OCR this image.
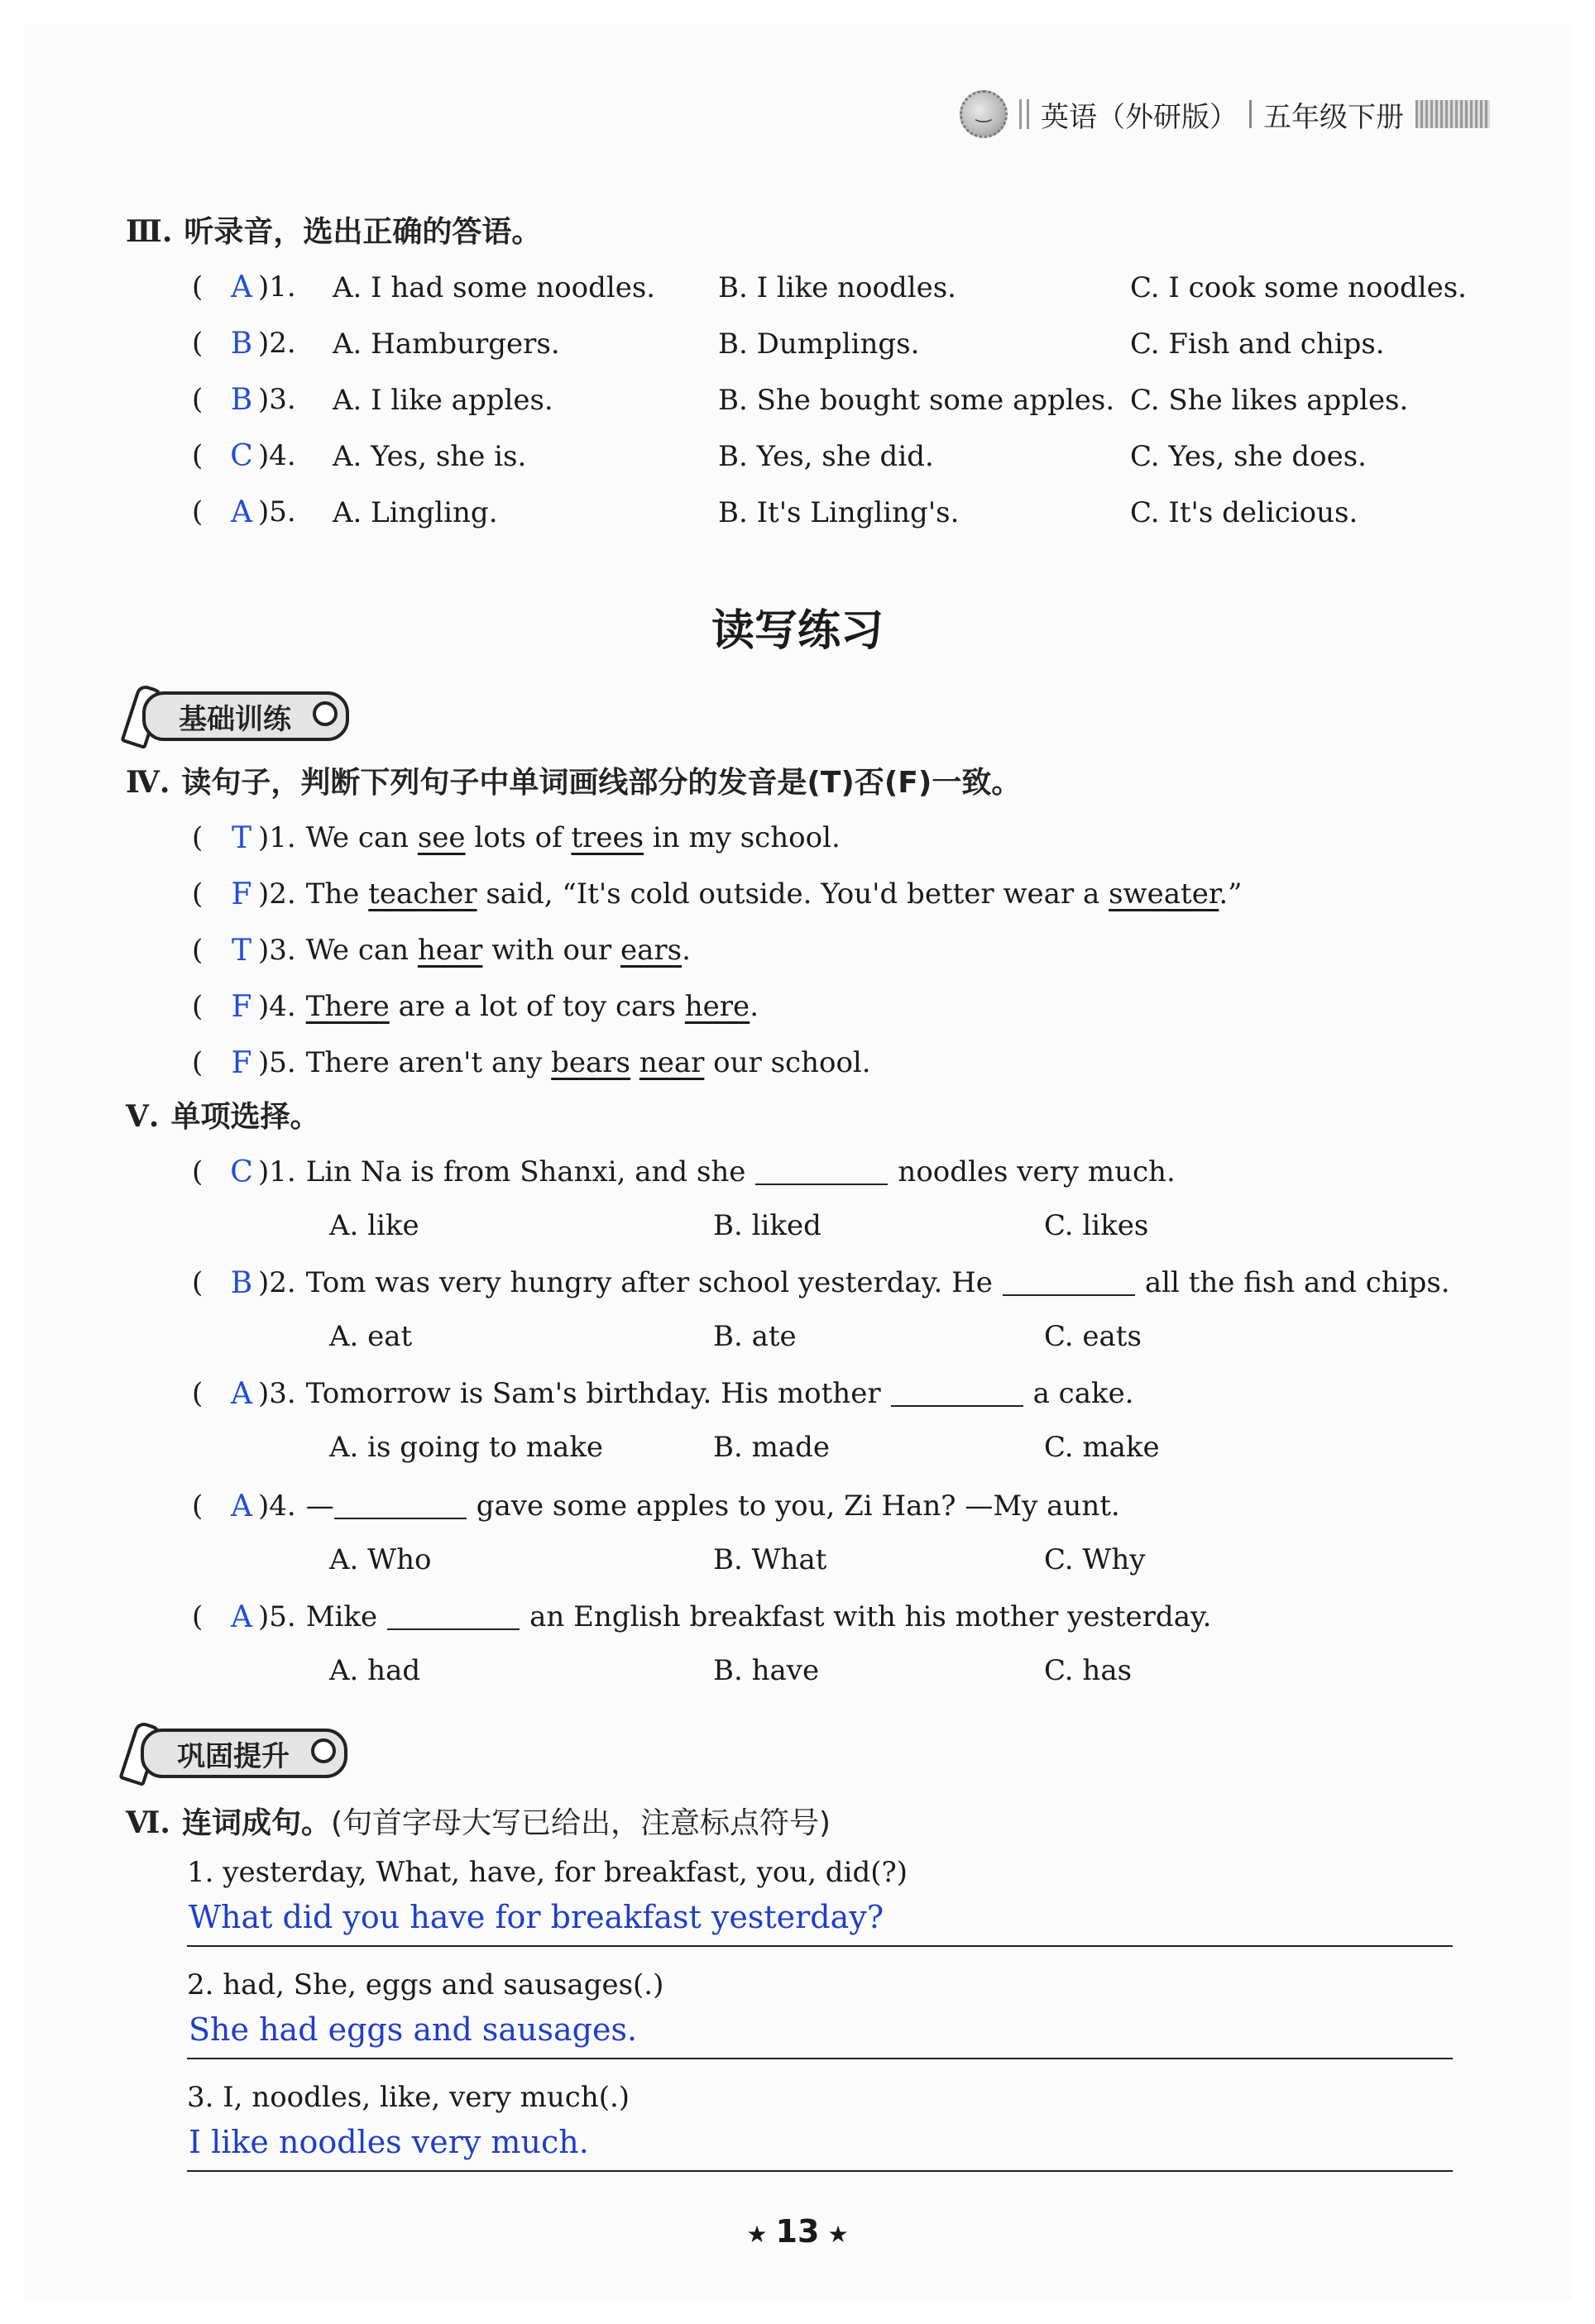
‿
英语（外研版） 五年级下册
Ⅲ. 听录音，选出正确的答语。
( A )1. A. I had some noodles. B. I like noodles.	C. I cook some noodles.
( B )2. A. Hamburgers.	B. Dumplings.	C. Fish and chips.
( B )3. A. I like apples.	B. She bought some apples. C. She likes apples.
( C )4. A. Yes, she is.	B. Yes, she did.	C. Yes, she does.
( A )5. A. Lingling.	B. It's Lingling's.	C. It's delicious.
读写练习
基础训练
Ⅳ. 读句子，判断下列句子中单词画线部分的发音是(T)否(F)一致。
( T )1. We can see lots of trees in my school.
( F )2. The teacher said, “It's cold outside. You'd better wear a sweater.”
( T )3. We can hear with our ears.
( F )4. There are a lot of toy cars here.
( F )5. There aren't any bears near our school.
Ⅴ. 单项选择。
( C )1. Lin Na is from Shanxi, and she	noodles very much.
A. like	B. liked	C. likes
( B )2. Tom was very hungry after school yesterday. He	all the fish and chips.
A. eat	B. ate	C. eats
( A )3. Tomorrow is Sam's birthday. His mother	a cake.
A. is going to make	B. made	C. make
( A )4. —	gave some apples to you, Zi Han? —My aunt.
A. Who	B. What	C. Why
( A )5. Mike	an English breakfast with his mother yesterday.
A. had	B. have	C. has
巩固提升
Ⅵ. 连词成句。(句首字母大写已给出，注意标点符号)
1. yesterday, What, have, for breakfast, you, did(?)
What did you have for breakfast yesterday?
2. had, She, eggs and sausages(.)
She had eggs and sausages.
3. I, noodles, like, very much(.)
I like noodles very much.
★ 13 ★
